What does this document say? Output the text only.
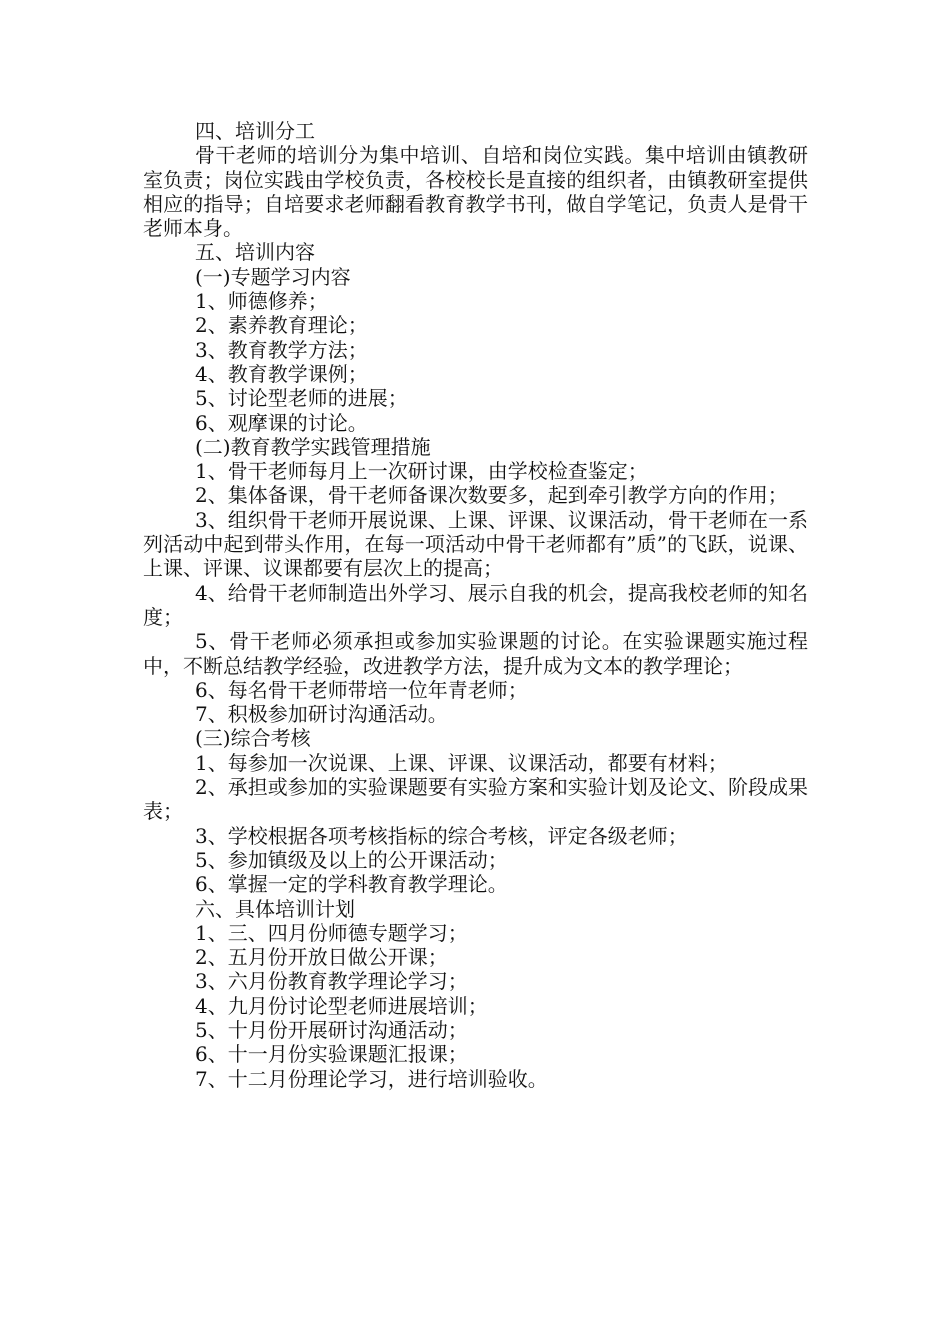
四、培训分工

骨干老师的培训分为集中培训、自培和岗位实践。集中培训由镇教研室负责；岗位实践由学校负责，各校校长是直接的组织者，由镇教研室提供相应的指导；自培要求老师翻看教育教学书刊，做自学笔记，负责人是骨干老师本身。

五、培训内容

(一)专题学习内容

1、师德修养；

2、素养教育理论；

3、教育教学方法；

4、教育教学课例；

5、讨论型老师的进展；

6、观摩课的讨论。

(二)教育教学实践管理措施

1、骨干老师每月上一次研讨课，由学校检查鉴定；

2、集体备课，骨干老师备课次数要多，起到牵引教学方向的作用；

3、组织骨干老师开展说课、上课、评课、议课活动，骨干老师在一系列活动中起到带头作用，在每一项活动中骨干老师都有”质”的飞跃，说课、上课、评课、议课都要有层次上的提高；

4、给骨干老师制造出外学习、展示自我的机会，提高我校老师的知名度；

5、骨干老师必须承担或参加实验课题的讨论。在实验课题实施过程中，不断总结教学经验，改进教学方法，提升成为文本的教学理论；

6、每名骨干老师带培一位年青老师；

7、积极参加研讨沟通活动。

(三)综合考核

1、每参加一次说课、上课、评课、议课活动，都要有材料；

2、承担或参加的实验课题要有实验方案和实验计划及论文、阶段成果表；

3、学校根据各项考核指标的综合考核，评定各级老师；

5、参加镇级及以上的公开课活动；

6、掌握一定的学科教育教学理论。

六、具体培训计划

1、三、四月份师德专题学习；

2、五月份开放日做公开课；

3、六月份教育教学理论学习；

4、九月份讨论型老师进展培训；

5、十月份开展研讨沟通活动；

6、十一月份实验课题汇报课；

7、十二月份理论学习，进行培训验收。
